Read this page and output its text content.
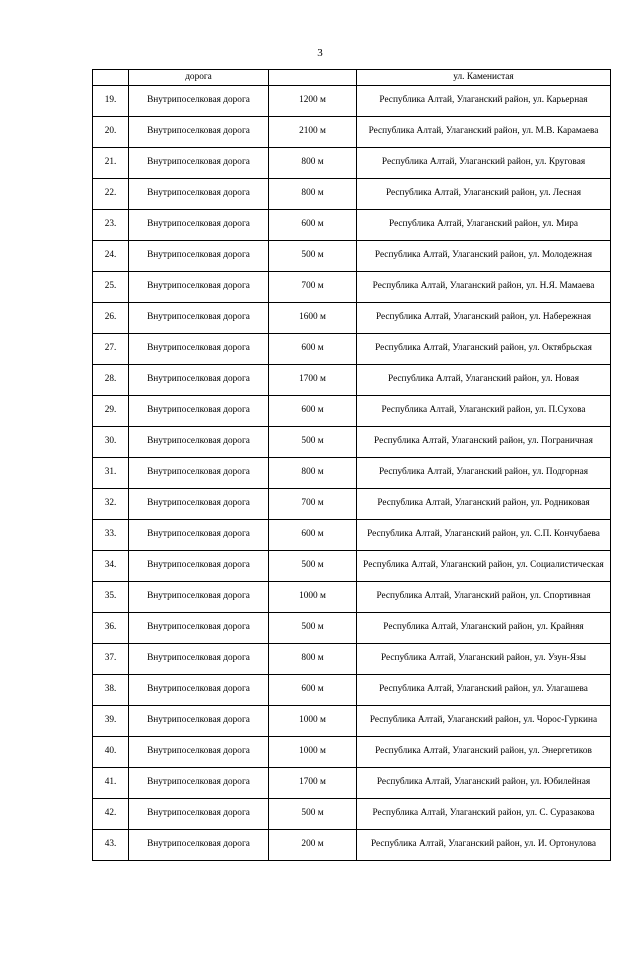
3
	дорога		ул. Каменистая
19.	Внутрипоселковая дорога	1200 м	Республика Алтай, Улаганский район, ул. Карьерная
20.	Внутрипоселковая дорога	2100 м	Республика Алтай, Улаганский район, ул. М.В. Карамаева
21.	Внутрипоселковая дорога	800 м	Республика Алтай, Улаганский район, ул. Круговая
22.	Внутрипоселковая дорога	800 м	Республика Алтай, Улаганский район, ул. Лесная
23.	Внутрипоселковая дорога	600 м	Республика Алтай, Улаганский район, ул. Мира
24.	Внутрипоселковая дорога	500 м	Республика Алтай, Улаганский район, ул. Молодежная
25.	Внутрипоселковая дорога	700 м	Республика Алтай, Улаганский район, ул. Н.Я. Мамаева
26.	Внутрипоселковая дорога	1600 м	Республика Алтай, Улаганский район, ул. Набережная
27.	Внутрипоселковая дорога	600 м	Республика Алтай, Улаганский район, ул. Октябрьская
28.	Внутрипоселковая дорога	1700 м	Республика Алтай, Улаганский район, ул. Новая
29.	Внутрипоселковая дорога	600 м	Республика Алтай, Улаганский район, ул. П.Сухова
30.	Внутрипоселковая дорога	500 м	Республика Алтай, Улаганский район, ул. Пограничная
31.	Внутрипоселковая дорога	800 м	Республика Алтай, Улаганский район, ул. Подгорная
32.	Внутрипоселковая дорога	700 м	Республика Алтай, Улаганский район, ул. Родниковая
33.	Внутрипоселковая дорога	600 м	Республика Алтай, Улаганский район, ул. С.П. Кончубаева
34.	Внутрипоселковая дорога	500 м	Республика Алтай, Улаганский район, ул. Социалистическая
35.	Внутрипоселковая дорога	1000 м	Республика Алтай, Улаганский район, ул. Спортивная
36.	Внутрипоселковая дорога	500 м	Республика Алтай, Улаганский район, ул. Крайняя
37.	Внутрипоселковая дорога	800 м	Республика Алтай, Улаганский район, ул. Узун-Язы
38.	Внутрипоселковая дорога	600 м	Республика Алтай, Улаганский район, ул. Улагашева
39.	Внутрипоселковая дорога	1000 м	Республика Алтай, Улаганский район, ул. Чорос-Гуркина
40.	Внутрипоселковая дорога	1000 м	Республика Алтай, Улаганский район, ул. Энергетиков
41.	Внутрипоселковая дорога	1700 м	Республика Алтай, Улаганский район, ул. Юбилейная
42.	Внутрипоселковая дорога	500 м	Республика Алтай, Улаганский район, ул. С. Суразакова
43.	Внутрипоселковая дорога	200 м	Республика Алтай, Улаганский район, ул. И. Ортонулова
